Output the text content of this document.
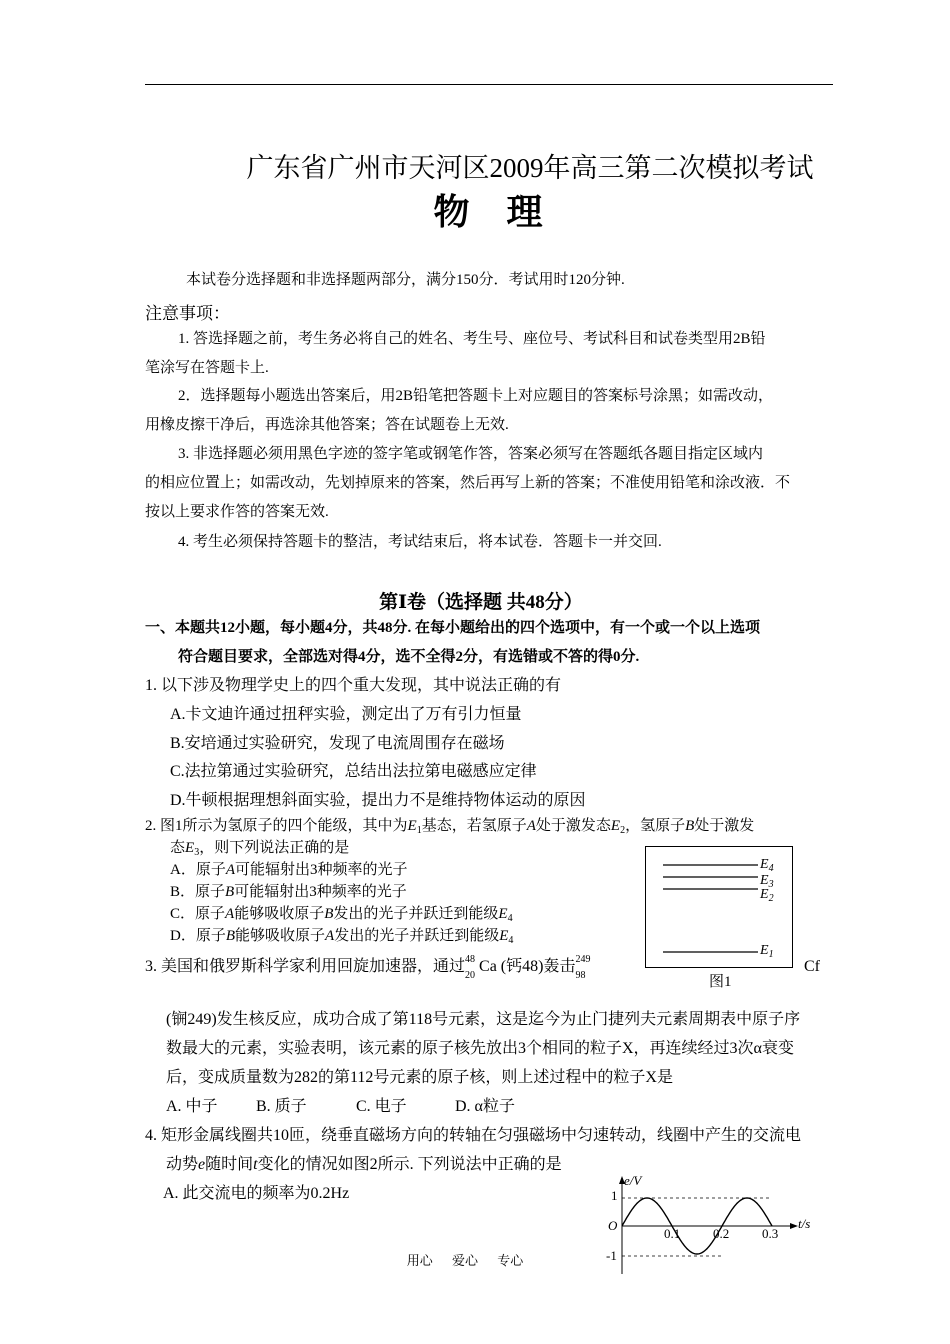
广东省广州市天河区2009年高三第二次模拟考试
物 理
本试卷分选择题和非选择题两部分，满分150分．考试用时120分钟.
注意事项：
1. 答选择题之前，考生务必将自己的姓名、考生号、座位号、考试科目和试卷类型用2B铅
笔涂写在答题卡上.
2．选择题每小题选出答案后，用2B铅笔把答题卡上对应题目的答案标号涂黑；如需改动，
用橡皮擦干净后，再选涂其他答案；答在试题卷上无效.
3. 非选择题必须用黑色字迹的签字笔或钢笔作答，答案必须写在答题纸各题目指定区域内
的相应位置上；如需改动，先划掉原来的答案，然后再写上新的答案；不准使用铅笔和涂改液．不
按以上要求作答的答案无效.
4. 考生必须保持答题卡的整洁，考试结束后，将本试卷．答题卡一并交回.
第Ⅰ卷（选择题 共48分）
一、本题共12小题，每小题4分，共48分. 在每小题给出的四个选项中，有一个或一个以上选项
符合题目要求，全部选对得4分，选不全得2分，有选错或不答的得0分.
1. 以下涉及物理学史上的四个重大发现，其中说法正确的有
A.卡文迪许通过扭秤实验，测定出了万有引力恒量
B.安培通过实验研究，发现了电流周围存在磁场
C.法拉第通过实验研究，总结出法拉第电磁感应定律
D.牛顿根据理想斜面实验，提出力不是维持物体运动的原因
2. 图1所示为氢原子的四个能级，其中为$E_1$基态，若氢原子A处于激发态$E_2$，氢原子B处于激发
态$E_3$，则下列说法正确的是
A．原子A可能辐射出3种频率的光子
B．原子B可能辐射出3种频率的光子
C．原子A能够吸收原子B发出的光子并跃迁到能级$E_4$
D．原子B能够吸收原子A发出的光子并跃迁到能级$E_4$
$E_4$
$E_3$
$E_2$
$E_1$
图1
3. 美国和俄罗斯科学家利用回旋加速器，通过 48
20
Ca (钙48)轰击 249
98
Cf
(锎249)发生核反应，成功合成了第118号元素，这是迄今为止门捷列夫元素周期表中原子序
数最大的元素，实验表明，该元素的原子核先放出3个相同的粒子X，再连续经过3次α衰变
后，变成质量数为282的第112号元素的原子核，则上述过程中的粒子X是
A. 中子 B. 质子	C. 电子	D. α粒子
4. 矩形金属线圈共10匝，绕垂直磁场方向的转轴在匀强磁场中匀速转动，线圈中产生的交流电
动势e随时间t变化的情况如图2所示. 下列说法中正确的是
A. 此交流电的频率为0.2Hz
e/V
t/s
O
1
-1
0.1	0.2	0.3
用心 爱心 专心
